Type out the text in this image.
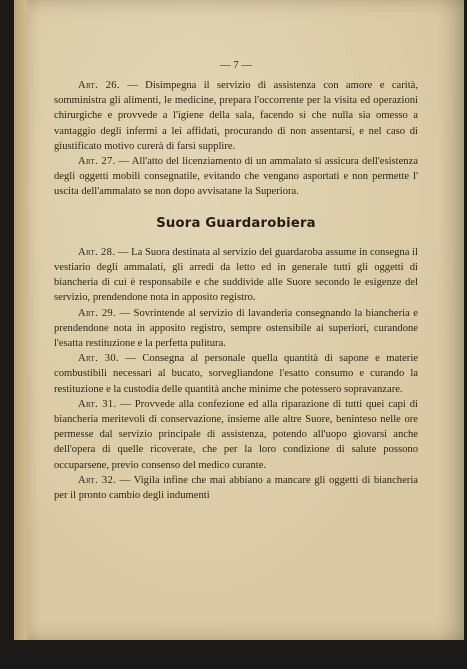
— 7 —

Art. 26. — Disimpegna il servizio di assistenza con amore e carità, somministra gli alimenti, le medicine, prepara l'occorrente per la visita ed operazioni chirurgiche e provvede a l'igiene della sala, facendo sì che nulla sia omesso a vantaggio degli infermi a lei affidati, procurando di non assentarsi, e nel caso di giustificato motivo curerà di farsi supplire.

Art. 27. — All'atto del licenziamento di un ammalato si assicura dell'esistenza degli oggetti mobili consegnatile, evitando che vengano asportati e non permette l' uscita dell'ammalato se non dopo avvisatane la Superiora.

Suora Guardarobiera

Art. 28. — La Suora destinata al servizio del guardaroba assume in consegna il vestiario degli ammalati, gli arredi da letto ed in generale tutti gli oggetti di biancheria di cui è responsabile e che suddivide alle Suore secondo le esigenze del servizio, prendendone nota in apposito registro.

Art. 29. — Sovrintende al servizio di lavanderia consegnando la biancheria e prendendone nota in apposito registro, sempre ostensibile ai superiori, curandone l'esatta restituzione e la perfetta pulitura.

Art. 30. — Consegna al personale quella quantità di sapone e materie combustibili necessari al bucato, sorvegliandone l'esatto consumo e curando la restituzione e la custodia delle quantità anche minime che potessero sopravanzare.

Art. 31. — Provvede alla confezione ed alla riparazione di tutti quei capi di biancheria meritevoli di conservazione, insieme alle altre Suore, beninteso nelle ore permesse dal servizio principale di assistenza, potendo all'uopo giovarsi anche dell'opera di quelle ricoverate, che per la loro condizione di salute possono occuparsene, previo consenso del medico curante.

Art. 32. — Vigila infine che mai abbiano a mancare gli oggetti di biancheria per il pronto cambio degli indumenti
